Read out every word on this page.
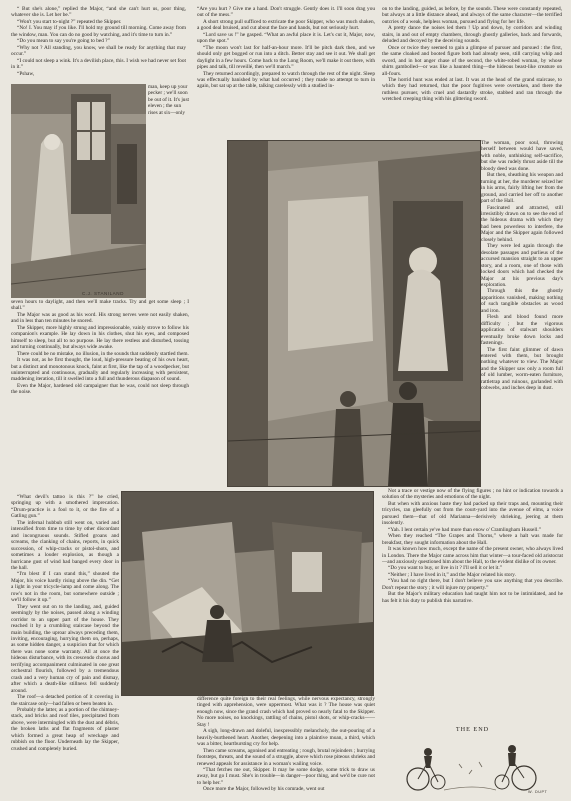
“ But she's alone,” replied the Major, “and she can't hurt us, poor thing, whatever she is. Let her be.”

“Won't you start to-night ?” repeated the Skipper.

“No! I. You may if you like. I'll hold my ground till morning. Come away from the window, man. You can do no good by watching, and it's time to turn in.”

“Do you mean to say you're going to bed ?”

“Why not ? All standing, you know, we shall be ready for anything that may occur.”

“I could not sleep a wink. It's a devilish place, this. I wish we had never set foot in it.”

“Pshaw,

man, keep up your pecker ; we'll soon be out of it. It's just eleven ; the sun rises at six—only

C.J. STANILAND

seven hours to daylight, and then we'll make tracks. Try and get some sleep ; I shall.”

The Major was as good as his word. His strong nerves were not easily shaken, and in less than ten minutes he snored.

The Skipper, more highly strung and impressionable, vainly strove to follow his companion's example. He lay down in his clothes, shut his eyes, and composed himself to sleep, but all to no purpose. He lay there restless and disturbed, tossing and turning continually, but always wide awake.

There could be no mistake, no illusion, in the sounds that suddenly startled them.

It was not, as he first thought, the loud, high-pressure beating of his own heart, but a distinct and monotonous knock, faint at first, like the tap of a woodpecker, but uninterrupted and continuous, gradually and regularly increasing with persistent, maddening iteration, till it swelled into a full and thunderous diapason of sound.

Even the Major, hardened old campaigner that he was, could not sleep through the noise.

“What devil's tattoo is this ?” he cried, springing up with a smothered imprecation. “Drum-practice is a fool to it, or the fire of a Gatling gun.”

The infernal hubbub still went on, varied and intensified from time to time by other discordant and incongruous sounds. Stifled groans and screams, the clanking of chains, reports, in quick succession, of whip-cracks or pistol-shots, and sometimes a louder explosion, as though a hurricane gust of wind had banged every door in the hall.

“I'm blest if I can stand this,” shouted the Major, his voice hardly rising above the din. “Get a light in your tricycle-lamp and come along. The row's not in the room, but somewhere outside ; we'll follow it up.”

They went out on to the landing, and, guided seemingly by the noises, passed along a winding corridor to an upper part of the house. They reached it by a crumbling staircase beyond the main building, the uproar always preceding them, inviting, encouraging, hurrying them on, perhaps, as some hidden danger, a suspicion that for which there was none some warranty. All at once the hideous disturbance, with its crescendo chorus and terrifying accompaniment culminated in one great orchestral flourish, followed by a tremendous crash and a very human cry of pain and dismay, after which a death-like stillness fell suddenly around.

The roof—a detached portion of it covering in the staircase only—had fallen or been beaten in.

Probably the latter, as a portion of the chimney-stack, and bricks and roof tiles, precipitated from above, were intermingled with the dust and débris, the broken laths and flat fragments of plaster which formed a great heap of wreckage and rubbish on the floor. Underneath lay the Skipper, crushed and completely buried.

“Are you hurt ? Give me a hand. Don't struggle. Gently does it. I'll soon drag you out of the mess.”

A short strong pull sufficed to extricate the poor Skipper, who was much shaken, a good deal bruised, and cut about the face and hands, but not seriously hurt.

“Lord save us !” he gasped. “What an awful place it is. Let's cut it, Major, now, upon the spot.”

“The moon won't last for half-an-hour more. It'll be pitch dark then, and we should only get bogged or run into a ditch. Better stay and see it out. We shall get daylight in a few hours. Come back to the Long Room, we'll make it out there, with pipes and talk, till reveillé, then we'll march.”

They returned accordingly, prepared to watch through the rest of the night. Sleep was effectually banished by what had occurred ; they made no attempt to turn in again, but sat up at the table, talking carelessly with a studied in-

on to the landing, guided, as before, by the sounds. These were constantly repeated, but always at a little distance ahead, and always of the same character—the terrified outcries of a weak, helpless woman, pursued and flying for her life.

A pretty dance the noises led them ! Up and down, by corridors and winding stairs, in and out of empty chambers, through ghostly galleries, back and forwards, deluded and decoyed by the deceiving sounds.

Once or twice they seemed to gain a glimpse of pursuer and pursued : the first, the same cloaked and booted figure both had already seen, still carrying whip and sword, and in hot anger chase of the second, the white-robed woman, by whose shirts gambolled—or was like a haunted thing—the hideous beast-like creature on all-fours.

The horrid hunt was ended at last. It was at the head of the grand staircase, to which they had returned, that the poor fugitives were overtaken, and there the ruthless pursuer, with cruel and dastardly stroke, stabbed and ran through the wretched creeping thing with his glittering sword.

The woman, poor soul, throwing herself between would have saved, with noble, unthinking self-sacrifice, but she was rudely thrust aside till the bloody deed was done.

But then, sheathing his weapon and turning at her, the murderer seized her in his arms, fairly lifting her from the ground, and carried her off to another part of the Hall.

Fascinated and attracted, still irresistibly drawn on to see the end of the hideous drama with which they had been powerless to interfere, the Major and the Skipper again followed closely behind.

They were led again through the desolate passages and purlieus of the accursed mansion straight to an upper story, and a room, one of those with locked doors which had checked the Major at his previous day's exploration.

Through this the ghostly apparitions vanished, making nothing of such tangible obstacles as wood and iron.

Flesh and blood found more difficulty ; but the vigorous application of stalwart shoulders eventually broke down locks and fastenings.

The first faint glimmer of dawn entered with them, but brought nothing whatever to view. The Major and the Skipper saw only a room full of old lumber, worm-eaten furniture, rattletrap and ruinous, garlanded with cobwebs, and inches deep in dust.

difference quite foreign to their real feelings, while nervous expectancy, strongly tinged with apprehension, were uppermost. What was it ? The house was quiet enough now, since the grand crash which had proved so nearly fatal to the Skipper. No more noises, no knockings, rattling of chains, pistol shots, or whip-cracks—— Stay !

A sigh, long-drawn and doleful, inexpressibly melancholy, the out-pouring of a heavily-burthened heart. Another, deepening into a plaintive moan, a third, which was a bitter, heartbursting cry for help.

Then came screams, agonised and entreating ; rough, brutal rejoinders ; hurrying footsteps, threats, and the sound of a struggle, above which rose piteous shrieks and renewed appeals for assistance in a woman's wailing voice.

“That fetches me out, Skipper. It may be some dodge, some trick to draw us away, but go I must. She's in trouble—in danger—poor thing, and we'd be cure not to help her.”

Once more the Major, followed by his comrade, went out

Not a trace or vestige now of the flying figures ; no hint or indication towards a solution of the mysteries and emotions of the night.

But when with anxious haste they had packed up their traps and, mounting their tricycles, ran gleefully out from the court-yard into the avenue of elms, a voice pursued them—that of old Marianna—derisively shrieking, jeering at them insolently.

“Yah. I lent certain ye've had more than enow o' Cramlingham Hussell.”

When they reached “The Grapes and Thorns,” where a halt was made for breakfast, they sought information about the Hall.

It was known how much, except the name of the present owner, who always lived in London. There the Major came across him that winter—a tour-faced old aristocrat—and anxiously questioned him about the Hall, to the evident dislike of its owner.

“Do you want to buy, or live in it ? I'll sell it or let it.”

“Neither ; I have lived in it,” and the Major related his story.

“You had no right there, but I don't believe you saw anything that you describe. Don't repeat the story ; it will injure my property.”

But the Major's military education had taught him not to be intimidated, and he has felt it his duty to publish this narrative.

THE END
W. DUPT
